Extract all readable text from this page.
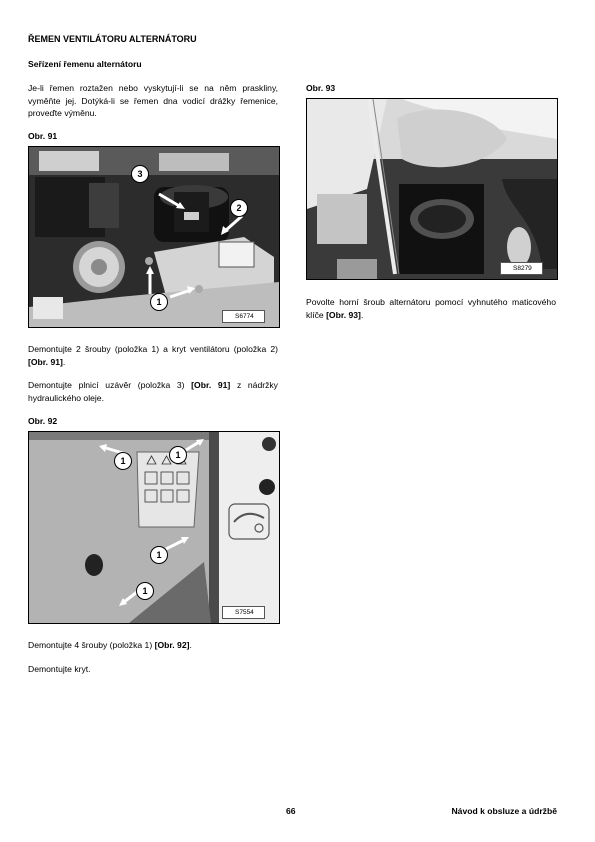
ŘEMEN VENTILÁTORU ALTERNÁTORU
Seřízení řemenu alternátoru
Je-li řemen roztažen nebo vyskytují-li se na něm praskliny, vyměňte jej. Dotýká-li se řemen dna vodicí drážky řemenice, proveďte výměnu.
Obr. 91
3
2
1
S6774
Demontujte 2 šrouby (položka 1) a kryt ventilátoru (položka 2) [Obr. 91].
Demontujte plnicí uzávěr (položka 3) [Obr. 91] z nádržky hydraulického oleje.
Obr. 92
1
1
1
1
S7554
Demontujte 4 šrouby (položka 1) [Obr. 92].
Demontujte kryt.
Obr. 93
S8279
Povolte horní šroub alternátoru pomocí vyhnutého maticového klíče [Obr. 93].
66	Návod k obsluze a údržbě
